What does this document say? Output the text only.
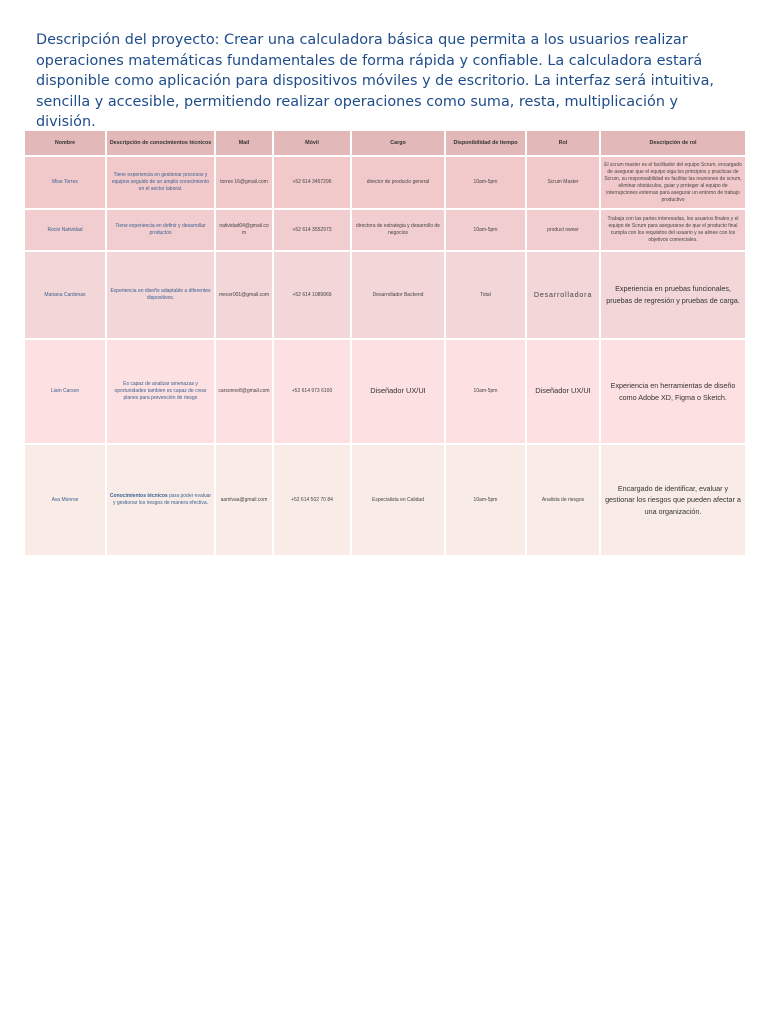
Descripción del proyecto: Crear una calculadora básica que permita a los usuarios realizar operaciones matemáticas fundamentales de forma rápida y confiable. La calculadora estará disponible como aplicación para dispositivos móviles y de escritorio. La interfaz será intuitiva, sencilla y accesible, permitiendo realizar operaciones como suma, resta, multiplicación y división.

Nombre	Descripción de conocimientos técnicos	Mail	Móvil	Cargo	Disponibilidad de tiempo	Rol	Descripción de rol
Mise Torres	Tiene experiencia en gestionar procesos y equipos seguido de un amplio conocimiento en el sector laboral.	torres 16@gmail.com	+52 614 3457296	director de producto general	10am-5pm	Scrum Master	El scrum master es el facilitador del equipo Scrum, encargado de asegurar que el equipo siga los principios y practicas de Scrum, su responsabilidad es facilitar las reuniones de scrum, eliminar obstáculos, guiar y proteger al equipo de interrupciones externas para asegurar un entorno de trabajo productivo
Rocio Natividad	Tiene experiencia en definir y desarrollar productos	natividad04@gmail.com	+52 614 3552973	directora de estrategia y desarrollo de negocios	10am-5pm	product owner	Trabaja con las partes interesadas, los usuarios finales y el equipo de Scrum para asegurarse de que el producto final cumpla con los requisitos del usuario y se alinee con los objetivos comerciales.
Mariana Cardenas	Experiencia en diseño adaptable a diferentes dispositivos.	mecer001@gmail.com	+52 614 1089969	Desarrollador Backend	Total	Desarrolladora	Experiencia en pruebas funcionales, pruebas de regresión y pruebas de carga.
Liam Carson	Es capaz de analizar amenazas y oportunidades tambien es capaz de crear planes para prevención de riesgo	carsonne8@gmail.com	+52 614 973 6100	Diseñador UX/UI	10am-5pm	Diseñador UX/UI	Experiencia en herramientas de diseño como Adobe XD, Figma o Sketch.
Ava Monroe	Conocimientos técnicos para poder evaluar y gestionar los riesgos de manera efectiva.	aamlvaa@gmail.com	+52 614 502 70 84	Especialista en Calidad	10am-5pm	Analista de riesgos	Encargado de identificar, evaluar y gestionar los riesgos que pueden afectar a una organización.
